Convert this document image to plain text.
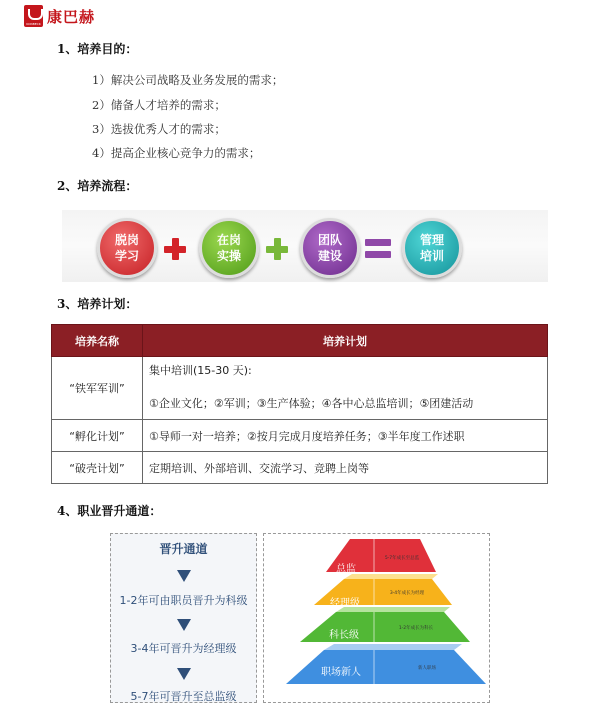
KONBECK 康巴赫
1、培养目的：
1）解决公司战略及业务发展的需求；
2）储备人才培养的需求；
3）选拔优秀人才的需求；
4）提高企业核心竞争力的需求；
2、培养流程：
脱岗
学习
在岗
实操
团队
建设
管理
培训
3、培养计划：
培养名称	培养计划
“铁军军训”	集中培训(15-30 天):
①企业文化；②军训；③生产体验；④各中心总监培训；⑤团建活动

“孵化计划”	①导师一对一培养；②按月完成月度培养任务；③半年度工作述职
“破壳计划”	定期培训、外部培训、交流学习、竞聘上岗等
4、职业晋升通道：
晋升通道
1-2年可由职员晋升为科级
3-4年可晋升为经理级
5-7年可晋升至总监级
总监
经理级
科长级
职场新人
5-7年成长至总监
3-4年成长为经理
1-2年成长为科长
新人职场
